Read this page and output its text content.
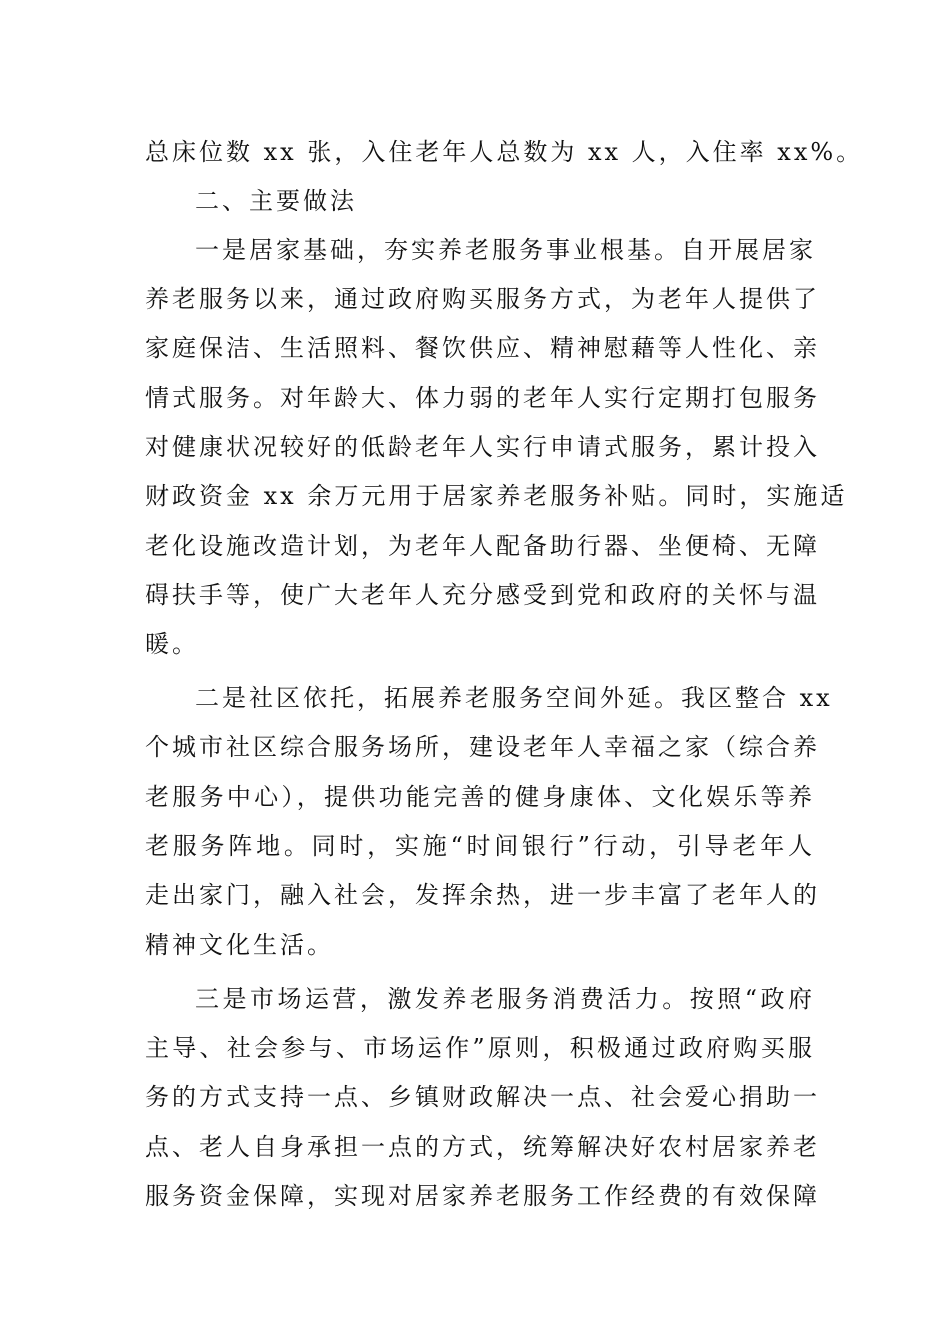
总床位数 xx 张，入住老年人总数为 xx 人，入住率 xx%。
二、主要做法
一是居家基础，夯实养老服务事业根基。自开展居家
养老服务以来，通过政府购买服务方式，为老年人提供了
家庭保洁、生活照料、餐饮供应、精神慰藉等人性化、亲
情式服务。对年龄大、体力弱的老年人实行定期打包服务
对健康状况较好的低龄老年人实行申请式服务，累计投入
财政资金 xx 余万元用于居家养老服务补贴。同时，实施适
老化设施改造计划，为老年人配备助行器、坐便椅、无障
碍扶手等，使广大老年人充分感受到党和政府的关怀与温
暖。
二是社区依托，拓展养老服务空间外延。我区整合 xx
个城市社区综合服务场所，建设老年人幸福之家（综合养
老服务中心），提供功能完善的健身康体、文化娱乐等养
老服务阵地。同时，实施“时间银行”行动，引导老年人
走出家门，融入社会，发挥余热，进一步丰富了老年人的
精神文化生活。
三是市场运营，激发养老服务消费活力。按照“政府
主导、社会参与、市场运作”原则，积极通过政府购买服
务的方式支持一点、乡镇财政解决一点、社会爱心捐助一
点、老人自身承担一点的方式，统筹解决好农村居家养老
服务资金保障，实现对居家养老服务工作经费的有效保障
